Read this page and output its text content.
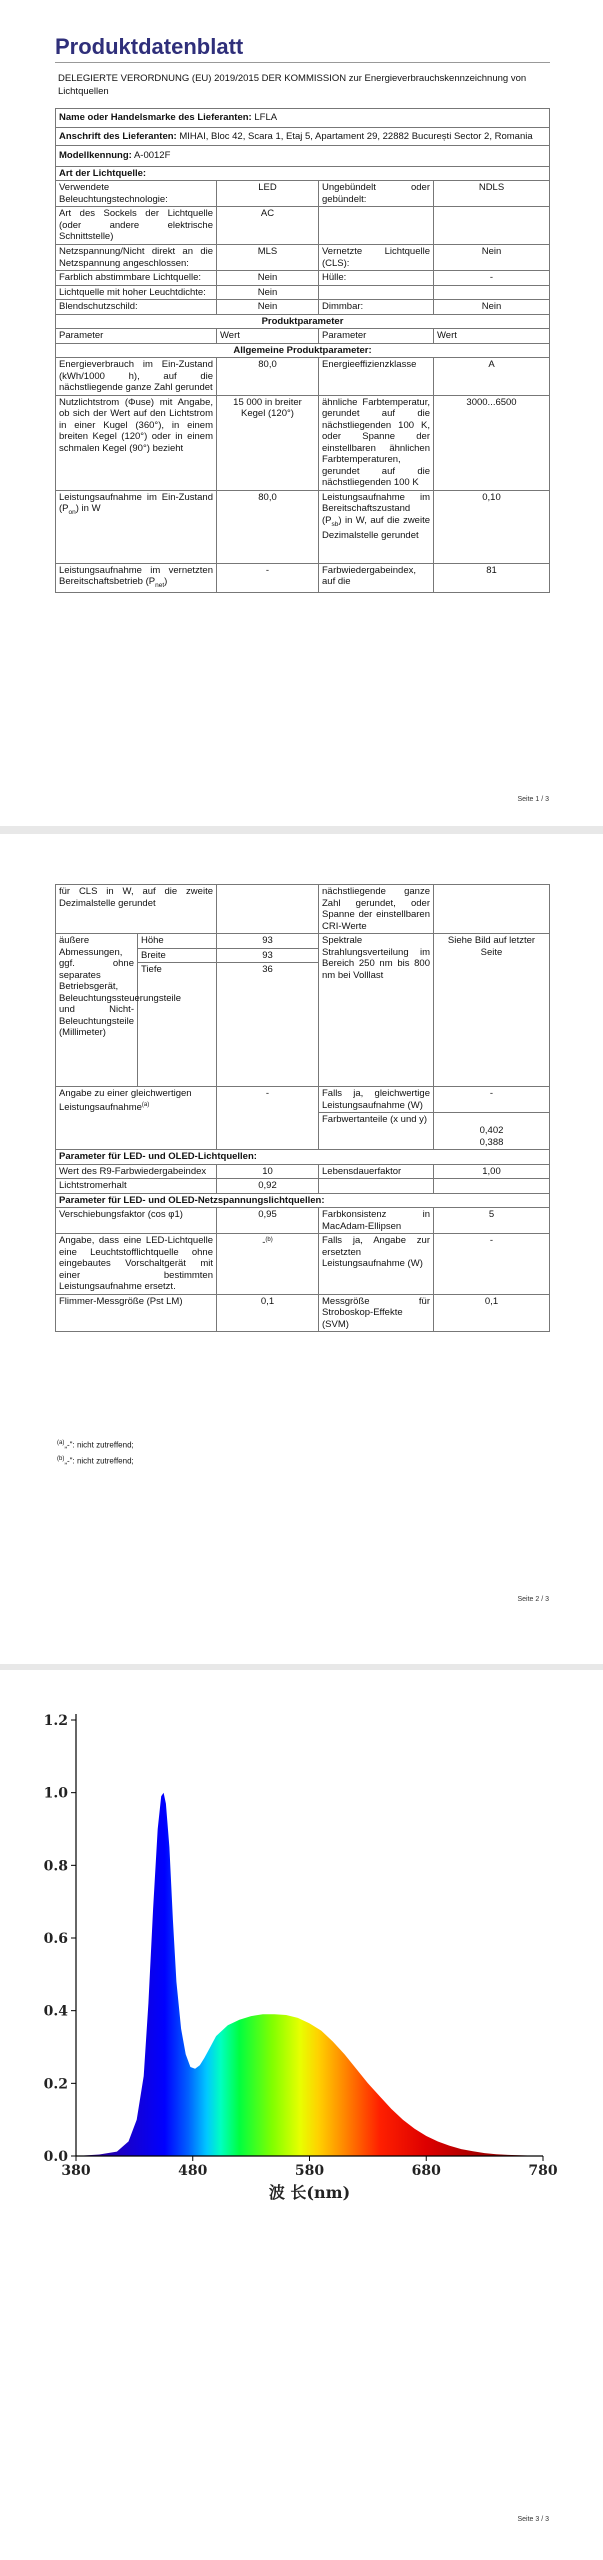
Produktdatenblatt
DELEGIERTE VERORDNUNG (EU) 2019/2015 DER KOMMISSION zur Energieverbrauchskennzeichnung von Lichtquellen
Name oder Handelsmarke des Lieferanten: LFLA			
Anschrift des Lieferanten: MIHAI, Bloc 42, Scara 1, Etaj 5, Apartament 29, 22882 București Sector 2, Romania			
Modellkennung: A-0012F			
Art der Lichtquelle:			
Verwendete Beleuchtungstechnologie:	LED	Ungebündelt oder gebündelt:	NDLS
Art des Sockels der Lichtquelle (oder andere elektrische Schnittstelle)	AC		
Netzspannung/Nicht direkt an die Netzspannung angeschlossen:	MLS	Vernetzte Lichtquelle (CLS):	Nein
Farblich abstimmbare Lichtquelle:	Nein	Hülle:	-
Lichtquelle mit hoher Leuchtdichte:	Nein		
Blendschutzschild:	Nein	Dimmbar:	Nein
Produktparameter			
Parameter	Wert	Parameter	Wert
Allgemeine Produktparameter:			
Energieverbrauch im Ein-Zustand (kWh/1000 h), auf die nächstliegende ganze Zahl gerundet	80,0	Energieeffizienzklasse	A
Nutzlichtstrom (Φuse) mit Angabe, ob sich der Wert auf den Lichtstrom in einer Kugel (360°), in einem breiten Kegel (120°) oder in einem schmalen Kegel (90°) bezieht	15 000 in breiter Kegel (120°)	ähnliche Farbtemperatur, gerundet auf die nächstliegenden 100 K, oder Spanne der einstellbaren ähnlichen Farbtemperaturen, gerundet auf die nächstliegenden 100 K	3000...6500
Leistungsaufnahme im Ein-Zustand $(P_{on})$ in W	80,0	Leistungsaufnahme im Bereitschaftszustand $(P_{sb})$ in W, auf die zweite Dezimalstelle gerundet	0,10
Leistungsaufnahme im vernetzten Bereitschaftsbetrieb $(P_{net})$	-	Farbwiedergabeindex, auf die	81
Seite 1 / 3
für CLS in W, auf die zweite Dezimalstelle gerundet			nächstliegende ganze Zahl gerundet, oder Spanne der einstellbaren CRI-Werte	
äußere Abmessungen, ggf. ohne separates Betriebsgerät, Beleuchtungssteuerungsteile und Nicht-Beleuchtungsteile (Millimeter)	Höhe	93	Spektrale Strahlungsverteilung im Bereich 250 nm bis 800 nm bei Volllast	Siehe Bild auf letzter Seite
	Breite	93		
	Tiefe	36		
Angabe zu einer gleichwertigen Leistungsaufnahme$^{(a)}$		-	Falls ja, gleichwertige Leistungsaufnahme (W)	-
			Farbwertanteile (x und y)	0,402
0,388
Parameter für LED- und OLED-Lichtquellen:				
Wert des R9-Farbwiedergabeindex		10	Lebensdauerfaktor	1,00
Lichtstromerhalt		0,92		
Parameter für LED- und OLED-Netzspannungslichtquellen:				
Verschiebungsfaktor (cos φ1)		0,95	Farbkonsistenz in MacAdam-Ellipsen	5
Angabe, dass eine LED-Lichtquelle eine Leuchtstofflichtquelle ohne eingebautes Vorschaltgerät mit einer bestimmten Leistungsaufnahme ersetzt.		-$^{(b)}$	Falls ja, Angabe zur ersetzten Leistungsaufnahme (W)	-
Flimmer-Messgröße (Pst LM)		0,1	Messgröße für Stroboskop-Effekte (SVM)	0,1
$^{(a)}$„-": nicht zutreffend;
$^{(b)}$„-": nicht zutreffend;
Seite 2 / 3
0.0
0.2
0.4
0.6
0.8
1.0
1.2
380	480	580	680	780
波 长(nm)
Seite 3 / 3
